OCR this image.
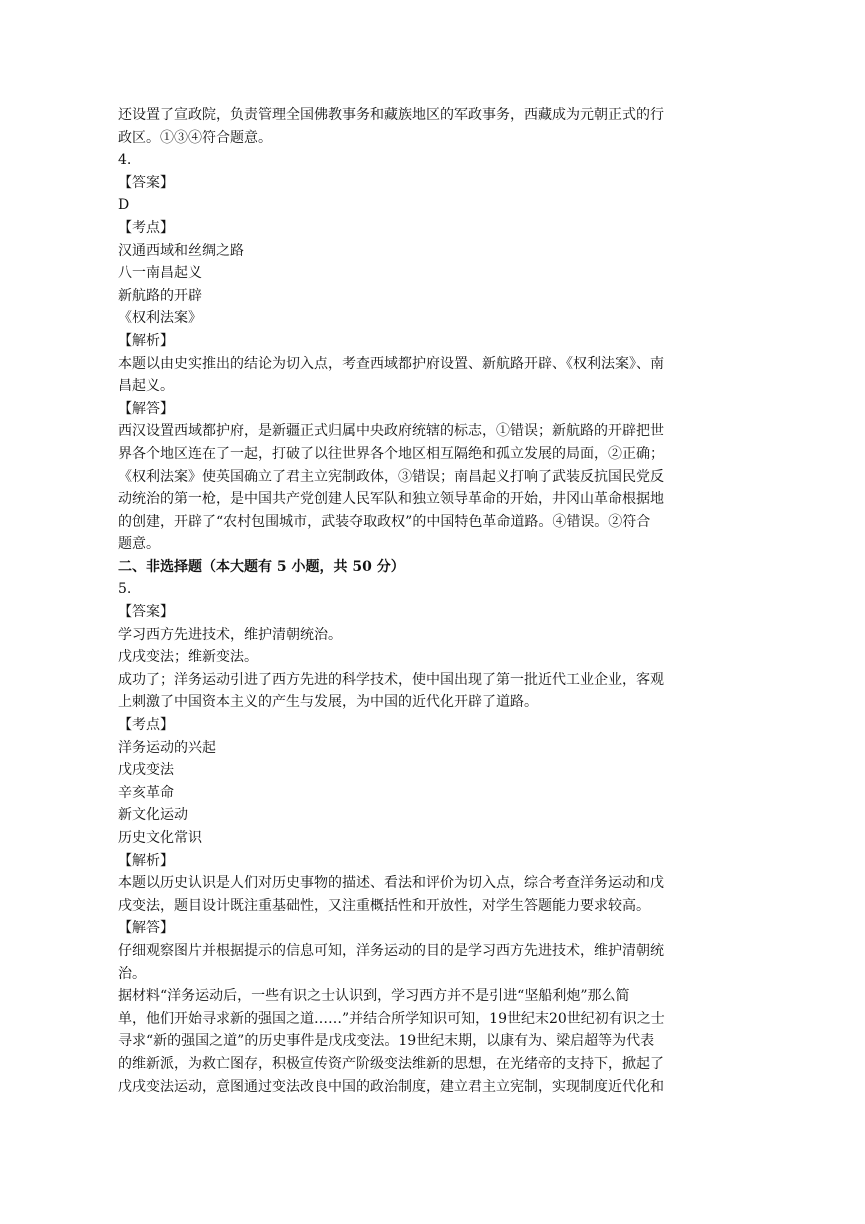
还设置了宣政院，负责管理全国佛教事务和藏族地区的军政事务，西藏成为元朝正式的行
政区。①③④符合题意。
4.
【答案】
D
【考点】
汉通西域和丝绸之路
八一南昌起义
新航路的开辟
《权利法案》
【解析】
本题以由史实推出的结论为切入点，考查西域都护府设置、新航路开辟、《权利法案》、南
昌起义。
【解答】
西汉设置西域都护府，是新疆正式归属中央政府统辖的标志，①错误；新航路的开辟把世
界各个地区连在了一起，打破了以往世界各个地区相互隔绝和孤立发展的局面，②正确；
《权利法案》使英国确立了君主立宪制政体，③错误；南昌起义打响了武装反抗国民党反
动统治的第一枪，是中国共产党创建人民军队和独立领导革命的开始，井冈山革命根据地
的创建，开辟了“农村包围城市，武装夺取政权”的中国特色革命道路。④错误。②符合
题意。
二、非选择题（本大题有 5 小题，共 50 分）
5.
【答案】
学习西方先进技术，维护清朝统治。
戊戌变法；维新变法。
成功了；洋务运动引进了西方先进的科学技术，使中国出现了第一批近代工业企业，客观
上刺激了中国资本主义的产生与发展，为中国的近代化开辟了道路。
【考点】
洋务运动的兴起
戊戌变法
辛亥革命
新文化运动
历史文化常识
【解析】
本题以历史认识是人们对历史事物的描述、看法和评价为切入点，综合考查洋务运动和戊
戌变法，题目设计既注重基础性，又注重概括性和开放性，对学生答题能力要求较高。
【解答】
仔细观察图片并根据提示的信息可知，洋务运动的目的是学习西方先进技术，维护清朝统
治。
据材料“洋务运动后，一些有识之士认识到，学习西方并不是引进“坚船利炮”那么简
单，他们开始寻求新的强国之道……”并结合所学知识可知，19世纪末20世纪初有识之士
寻求“新的强国之道”的历史事件是戊戌变法。19世纪末期，以康有为、梁启超等为代表
的维新派，为救亡图存，积极宣传资产阶级变法维新的思想，在光绪帝的支持下，掀起了
戊戌变法运动，意图通过变法改良中国的政治制度，建立君主立宪制，实现制度近代化和
